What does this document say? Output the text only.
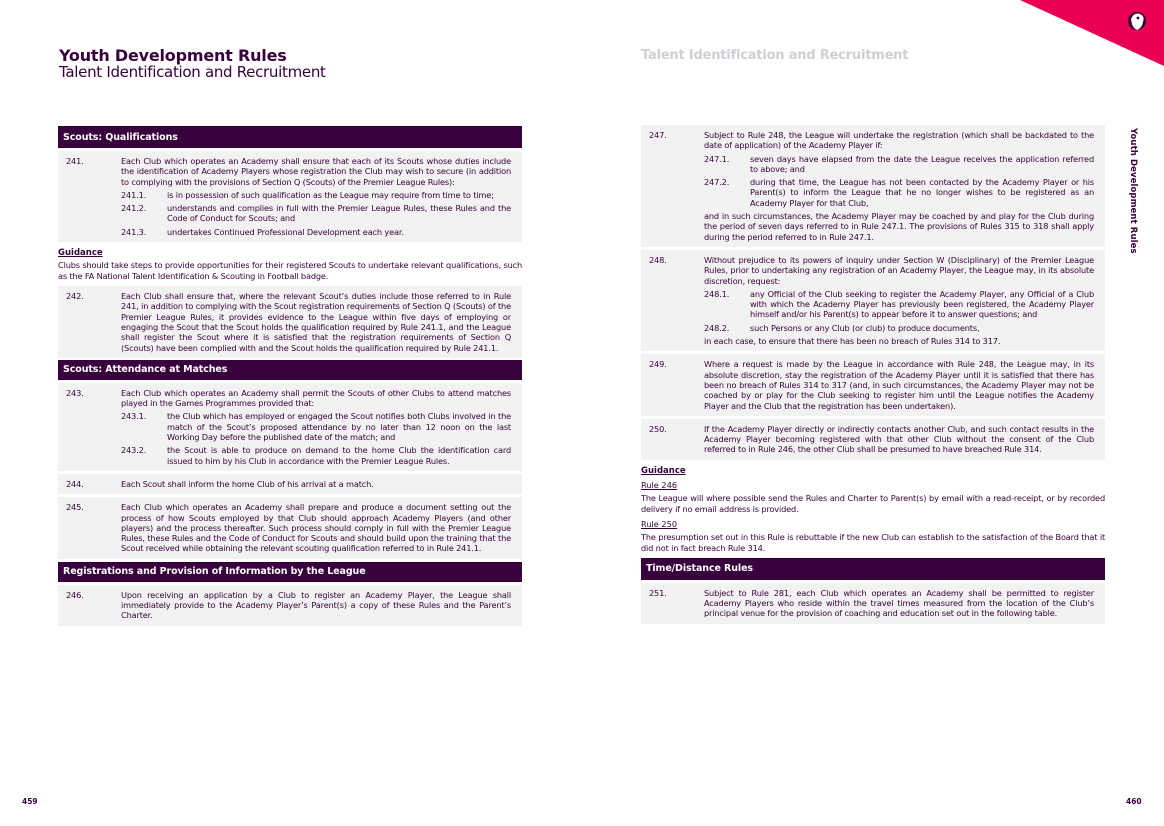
Youth Development Rules
Talent Identification and Recruitment
Talent Identification and Recruitment
Youth Development Rules
Scouts: Qualifications
241.	Each Club which operates an Academy shall ensure that each of its Scouts whose duties include the identification of Academy Players whose registration the Club may wish to secure (in addition to complying with the provisions of Section Q (Scouts) of the Premier League Rules):
241.1.	is in possession of such qualification as the League may require from time to time;
241.2.	understands and complies in full with the Premier League Rules, these Rules and the Code of Conduct for Scouts; and
241.3.	undertakes Continued Professional Development each year.
Guidance
Clubs should take steps to provide opportunities for their registered Scouts to undertake relevant qualifications, such as the FA National Talent Identification & Scouting in Football badge.
242.	Each Club shall ensure that, where the relevant Scout’s duties include those referred to in Rule 241, in addition to complying with the Scout registration requirements of Section Q (Scouts) of the Premier League Rules, it provides evidence to the League within five days of employing or engaging the Scout that the Scout holds the qualification required by Rule 241.1, and the League shall register the Scout where it is satisfied that the registration requirements of Section Q (Scouts) have been complied with and the Scout holds the qualification required by Rule 241.1.
Scouts: Attendance at Matches
243.	Each Club which operates an Academy shall permit the Scouts of other Clubs to attend matches played in the Games Programmes provided that:
243.1.	the Club which has employed or engaged the Scout notifies both Clubs involved in the match of the Scout’s proposed attendance by no later than 12 noon on the last Working Day before the published date of the match; and
243.2.	the Scout is able to produce on demand to the home Club the identification card issued to him by his Club in accordance with the Premier League Rules.
244.	Each Scout shall inform the home Club of his arrival at a match.
245.	Each Club which operates an Academy shall prepare and produce a document setting out the process of how Scouts employed by that Club should approach Academy Players (and other players) and the process thereafter. Such process should comply in full with the Premier League Rules, these Rules and the Code of Conduct for Scouts and should build upon the training that the Scout received while obtaining the relevant scouting qualification referred to in Rule 241.1.
Registrations and Provision of Information by the League
246.	Upon receiving an application by a Club to register an Academy Player, the League shall immediately provide to the Academy Player’s Parent(s) a copy of these Rules and the Parent’s Charter.
247.	Subject to Rule 248, the League will undertake the registration (which shall be backdated to the date of application) of the Academy Player if:
247.1.	seven days have elapsed from the date the League receives the application referred to above; and
247.2.	during that time, the League has not been contacted by the Academy Player or his Parent(s) to inform the League that he no longer wishes to be registered as an Academy Player for that Club,
and in such circumstances, the Academy Player may be coached by and play for the Club during the period of seven days referred to in Rule 247.1. The provisions of Rules 315 to 318 shall apply during the period referred to in Rule 247.1.
248.	Without prejudice to its powers of inquiry under Section W (Disciplinary) of the Premier League Rules, prior to undertaking any registration of an Academy Player, the League may, in its absolute discretion, request:
248.1.	any Official of the Club seeking to register the Academy Player, any Official of a Club with which the Academy Player has previously been registered, the Academy Player himself and/or his Parent(s) to appear before it to answer questions; and
248.2.	such Persons or any Club (or club) to produce documents,
in each case, to ensure that there has been no breach of Rules 314 to 317.
249.	Where a request is made by the League in accordance with Rule 248, the League may, in its absolute discretion, stay the registration of the Academy Player until it is satisfied that there has been no breach of Rules 314 to 317 (and, in such circumstances, the Academy Player may not be coached by or play for the Club seeking to register him until the League notifies the Academy Player and the Club that the registration has been undertaken).
250.	If the Academy Player directly or indirectly contacts another Club, and such contact results in the Academy Player becoming registered with that other Club without the consent of the Club referred to in Rule 246, the other Club shall be presumed to have breached Rule 314.
Guidance
Rule 246
The League will where possible send the Rules and Charter to Parent(s) by email with a read-receipt, or by recorded delivery if no email address is provided.
Rule 250
The presumption set out in this Rule is rebuttable if the new Club can establish to the satisfaction of the Board that it did not in fact breach Rule 314.
Time/Distance Rules
251.	Subject to Rule 281, each Club which operates an Academy shall be permitted to register Academy Players who reside within the travel times measured from the location of the Club’s principal venue for the provision of coaching and education set out in the following table.
459	460
